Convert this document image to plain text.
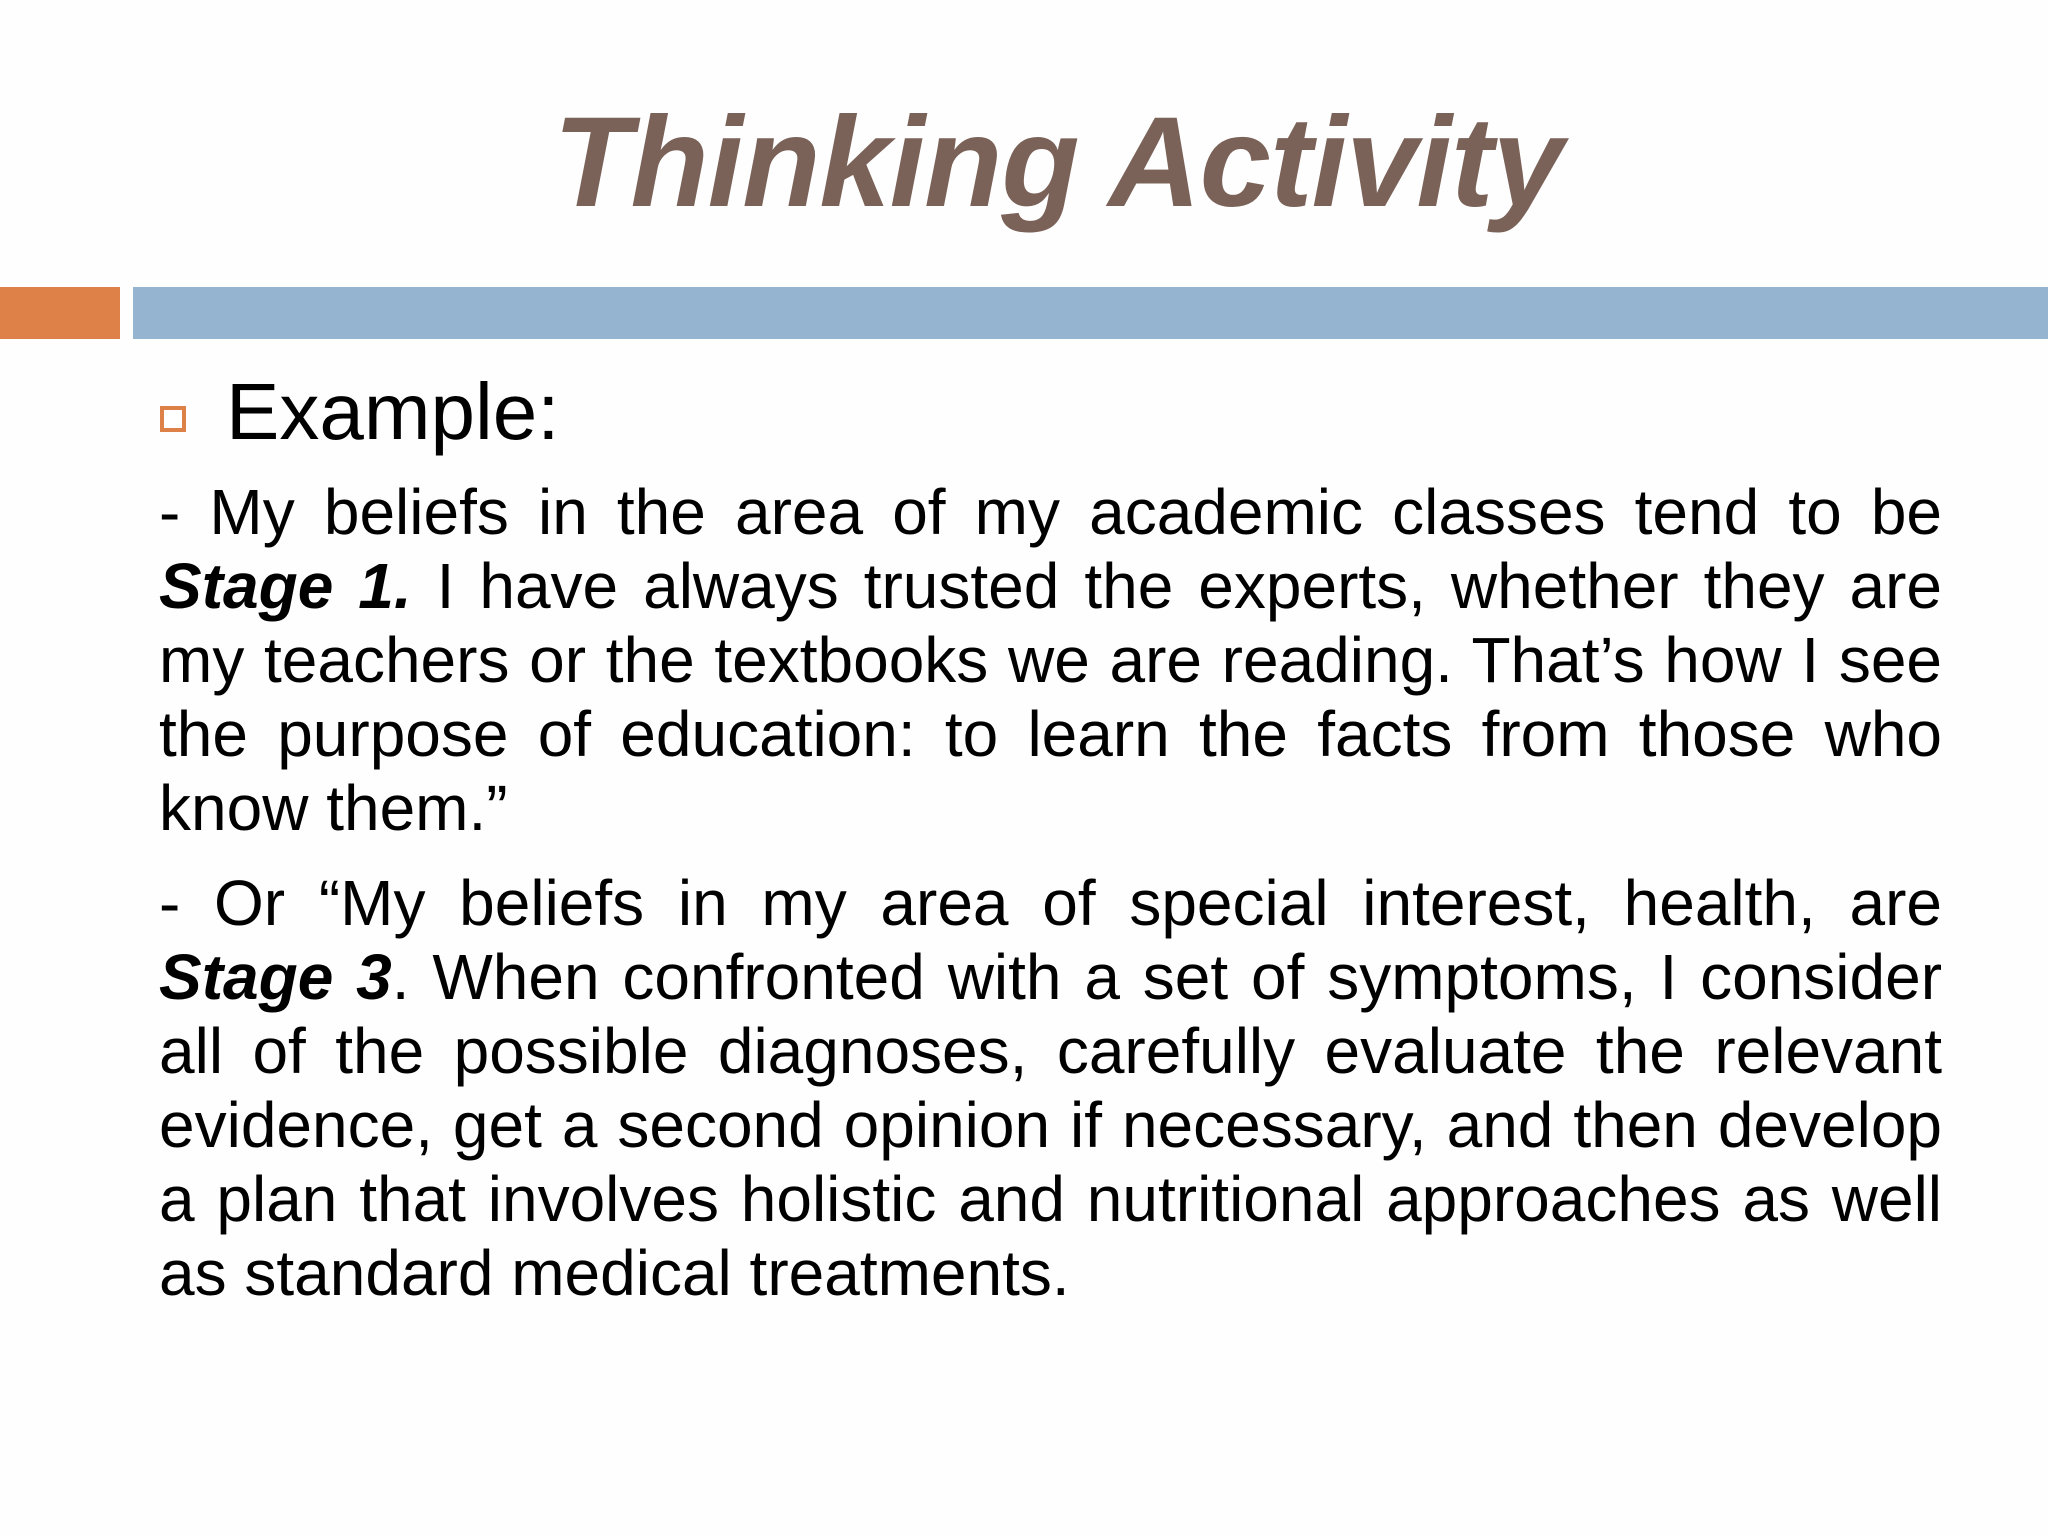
Thinking Activity
Example:
- My beliefs in the area of my academic classes tend to be Stage 1. I have always trusted the experts, whether they are my teachers or the textbooks we are reading. That’s how I see the purpose of education: to learn the facts from those who know them.”
- Or “My beliefs in my area of special interest, health, are Stage 3. When confronted with a set of symptoms, I consider all of the possible diagnoses, carefully evaluate the relevant evidence, get a second opinion if necessary, and then develop a plan that involves holistic and nutritional approaches as well as standard medical treatments.
